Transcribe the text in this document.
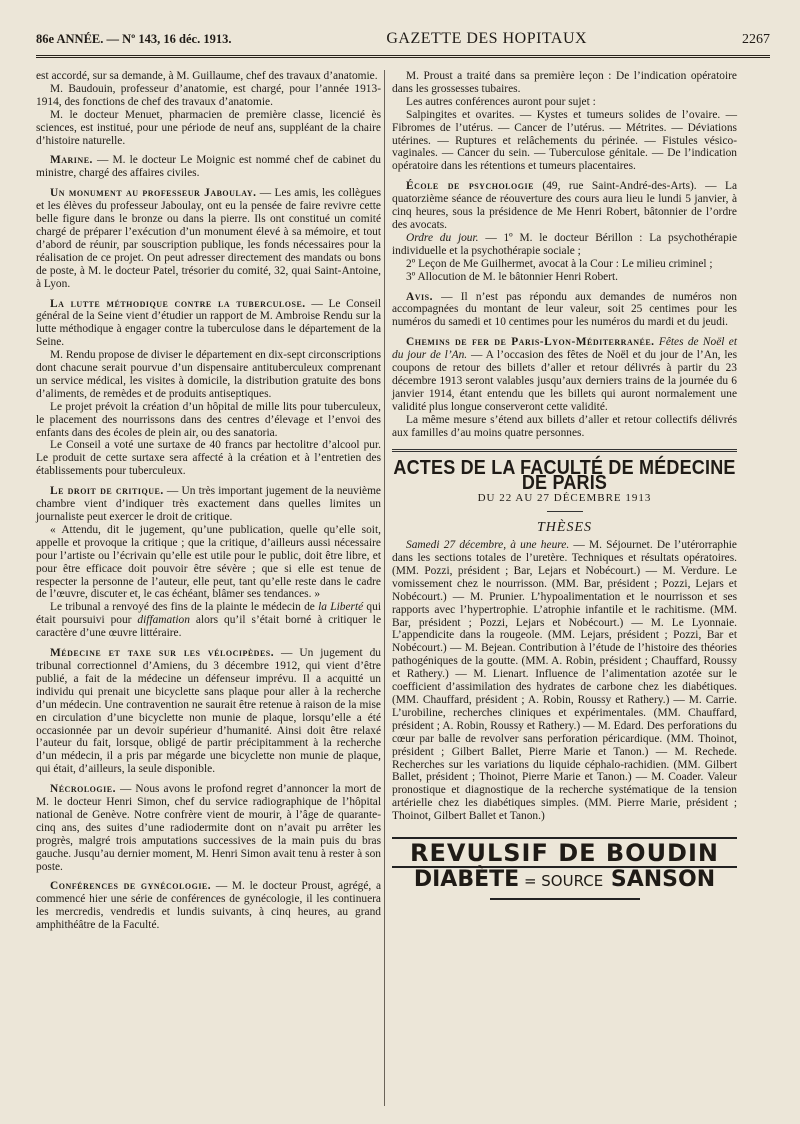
86e ANNÉE. — Nº 143, 16 déc. 1913.	GAZETTE DES HOPITAUX	2267

est accordé, sur sa demande, à M. Guillaume, chef des travaux d’anatomie.

M. Baudouin, professeur d’anatomie, est chargé, pour l’année 1913-1914, des fonctions de chef des travaux d’anatomie.

M. le docteur Menuet, pharmacien de première classe, licencié ès sciences, est institué, pour une période de neuf ans, suppléant de la chaire d’histoire naturelle.

Marine. — M. le docteur Le Moignic est nommé chef de cabinet du ministre, chargé des affaires civiles.

Un monument au professeur Jaboulay. — Les amis, les collègues et les élèves du professeur Jaboulay, ont eu la pensée de faire revivre cette belle figure dans le bronze ou dans la pierre. Ils ont constitué un comité chargé de préparer l’exécution d’un monument élevé à sa mémoire, et tout d’abord de réunir, par souscription publique, les fonds nécessaires pour la réalisation de ce projet. On peut adresser directement des mandats ou bons de poste, à M. le docteur Patel, trésorier du comité, 32, quai Saint-Antoine, à Lyon.

La lutte méthodique contre la tuberculose. — Le Conseil général de la Seine vient d’étudier un rapport de M. Ambroise Rendu sur la lutte méthodique à engager contre la tuberculose dans le département de la Seine.

M. Rendu propose de diviser le département en dix-sept circonscriptions dont chacune serait pourvue d’un dispensaire antituberculeux comprenant un service médical, les visites à domicile, la distribution gratuite des bons d’aliments, de remèdes et de produits antiseptiques.

Le projet prévoit la création d’un hôpital de mille lits pour tuberculeux, le placement des nourrissons dans des centres d’élevage et l’envoi des enfants dans des écoles de plein air, ou des sanatoria.

Le Conseil a voté une surtaxe de 40 francs par hectolitre d’alcool pur. Le produit de cette surtaxe sera affecté à la création et à l’entretien des établissements pour tuberculeux.

Le droit de critique. — Un très important jugement de la neuvième chambre vient d’indiquer très exactement dans quelles limites un journaliste peut exercer le droit de critique.

« Attendu, dit le jugement, qu’une publication, quelle qu’elle soit, appelle et provoque la critique ; que la critique, d’ailleurs aussi nécessaire pour l’artiste ou l’écrivain qu’elle est utile pour le public, doit être libre, et pour être efficace doit pouvoir être sévère ; que si elle est tenue de respecter la personne de l’auteur, elle peut, tant qu’elle reste dans le cadre de l’œuvre, discuter et, le cas échéant, blâmer ses tendances. »

Le tribunal a renvoyé des fins de la plainte le médecin de la Liberté qui était poursuivi pour diffamation alors qu’il s’était borné à critiquer le caractère d’une œuvre littéraire.

Médecine et taxe sur les vélocipèdes. — Un jugement du tribunal correctionnel d’Amiens, du 3 décembre 1912, qui vient d’être publié, a fait de la médecine un défenseur imprévu. Il a acquitté un individu qui prenait une bicyclette sans plaque pour aller à la recherche d’un médecin. Une contravention ne saurait être retenue à raison de la mise en circulation d’une bicyclette non munie de plaque, lorsqu’elle a été occasionnée par un devoir supérieur d’humanité. Ainsi doit être relaxé l’auteur du fait, lorsque, obligé de partir précipitamment à la recherche d’un médecin, il a pris par mégarde une bicyclette non munie de plaque, qui était, d’ailleurs, la seule disponible.

Nécrologie. — Nous avons le profond regret d’annoncer la mort de M. le docteur Henri Simon, chef du service radiographique de l’hôpital national de Genève. Notre confrère vient de mourir, à l’âge de quarante-cinq ans, des suites d’une radiodermite dont on n’avait pu arrêter les progrès, malgré trois amputations successives de la main puis du bras gauche. Jusqu’au dernier moment, M. Henri Simon avait tenu à rester à son poste.

Conférences de gynécologie. — M. le docteur Proust, agrégé, a commencé hier une série de conférences de gynécologie, il les continuera les mercredis, vendredis et lundis suivants, à cinq heures, au grand amphithéâtre de la Faculté.

M. Proust a traité dans sa première leçon : De l’indication opératoire dans les grossesses tubaires.

Les autres conférences auront pour sujet :

Salpingites et ovarites. — Kystes et tumeurs solides de l’ovaire. — Fibromes de l’utérus. — Cancer de l’utérus. — Métrites. — Déviations utérines. — Ruptures et relâchements du périnée. — Fistules vésico-vaginales. — Cancer du sein. — Tuberculose génitale. — De l’indication opératoire dans les rétentions et tumeurs placentaires.

École de psychologie (49, rue Saint-André-des-Arts). — La quatorzième séance de réouverture des cours aura lieu le lundi 5 janvier, à cinq heures, sous la présidence de Me Henri Robert, bâtonnier de l’ordre des avocats.

Ordre du jour. — 1º M. le docteur Bérillon : La psychothérapie individuelle et la psychothérapie sociale ;

2º Leçon de Me Guilhermet, avocat à la Cour : Le milieu criminel ;

3º Allocution de M. le bâtonnier Henri Robert.

Avis. — Il n’est pas répondu aux demandes de numéros non accompagnées du montant de leur valeur, soit 25 centimes pour les numéros du samedi et 10 centimes pour les numéros du mardi et du jeudi.

Chemins de fer de Paris-Lyon-Méditerranée. Fêtes de Noël et du jour de l’An. — A l’occasion des fêtes de Noël et du jour de l’An, les coupons de retour des billets d’aller et retour délivrés à partir du 23 décembre 1913 seront valables jusqu’aux derniers trains de la journée du 6 janvier 1914, étant entendu que les billets qui auront normalement une validité plus longue conserveront cette validité.

La même mesure s’étend aux billets d’aller et retour collectifs délivrés aux familles d’au moins quatre personnes.

ACTES DE LA FACULTÉ DE MÉDECINE DE PARIS
DU 22 AU 27 DÉCEMBRE 1913
THÈSES

Samedi 27 décembre, à une heure. — M. Séjournet. De l’utérorraphie dans les sections totales de l’uretère. Techniques et résultats opératoires. (MM. Pozzi, président ; Bar, Lejars et Nobécourt.) — M. Verdure. Le vomissement chez le nourrisson. (MM. Bar, président ; Pozzi, Lejars et Nobécourt.) — M. Prunier. L’hypoalimentation et le nourrisson et ses rapports avec l’hypertrophie. L’atrophie infantile et le rachitisme. (MM. Bar, président ; Pozzi, Lejars et Nobécourt.) — M. Le Lyonnaie. L’appendicite dans la rougeole. (MM. Lejars, président ; Pozzi, Bar et Nobécourt.) — M. Bejean. Contribution à l’étude de l’histoire des théories pathogéniques de la goutte. (MM. A. Robin, président ; Chauffard, Roussy et Rathery.) — M. Lienart. Influence de l’alimentation azotée sur le coefficient d’assimilation des hydrates de carbone chez les diabétiques. (MM. Chauffard, président ; A. Robin, Roussy et Rathery.) — M. Carrie. L’urobiline, recherches cliniques et expérimentales. (MM. Chauffard, président ; A. Robin, Roussy et Rathery.) — M. Edard. Des perforations du cœur par balle de revolver sans perforation péricardique. (MM. Thoinot, président ; Gilbert Ballet, Pierre Marie et Tanon.) — M. Rechede. Recherches sur les variations du liquide céphalo-rachidien. (MM. Gilbert Ballet, président ; Thoinot, Pierre Marie et Tanon.) — M. Coader. Valeur pronostique et diagnostique de la recherche systématique de la tension artérielle chez les diabétiques simples. (MM. Pierre Marie, président ; Thoinot, Gilbert Ballet et Tanon.)

REVULSIF DE BOUDIN
DIABÈTE = SOURCE SANSON
